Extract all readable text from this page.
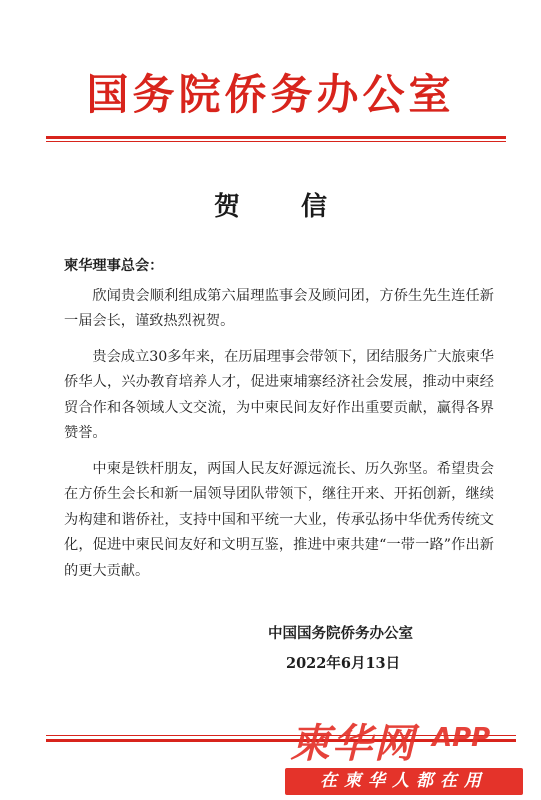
国务院侨务办公室
贺 信

柬华理事总会：

欣闻贵会顺利组成第六届理监事会及顾问团，方侨生先生连任新一届会长，谨致热烈祝贺。

贵会成立30多年来，在历届理事会带领下，团结服务广大旅柬华侨华人，兴办教育培养人才，促进柬埔寨经济社会发展，推动中柬经贸合作和各领域人文交流，为中柬民间友好作出重要贡献，赢得各界赞誉。

中柬是铁杆朋友，两国人民友好源远流长、历久弥坚。希望贵会在方侨生会长和新一届领导团队带领下，继往开来、开拓创新，继续为构建和谐侨社，支持中国和平统一大业，传承弘扬中华优秀传统文化，促进中柬民间友好和文明互鉴，推进中柬共建“一带一路”作出新的更大贡献。

中国国务院侨务办公室
2022年6月13日
柬华网 APP
在柬华人都在用
